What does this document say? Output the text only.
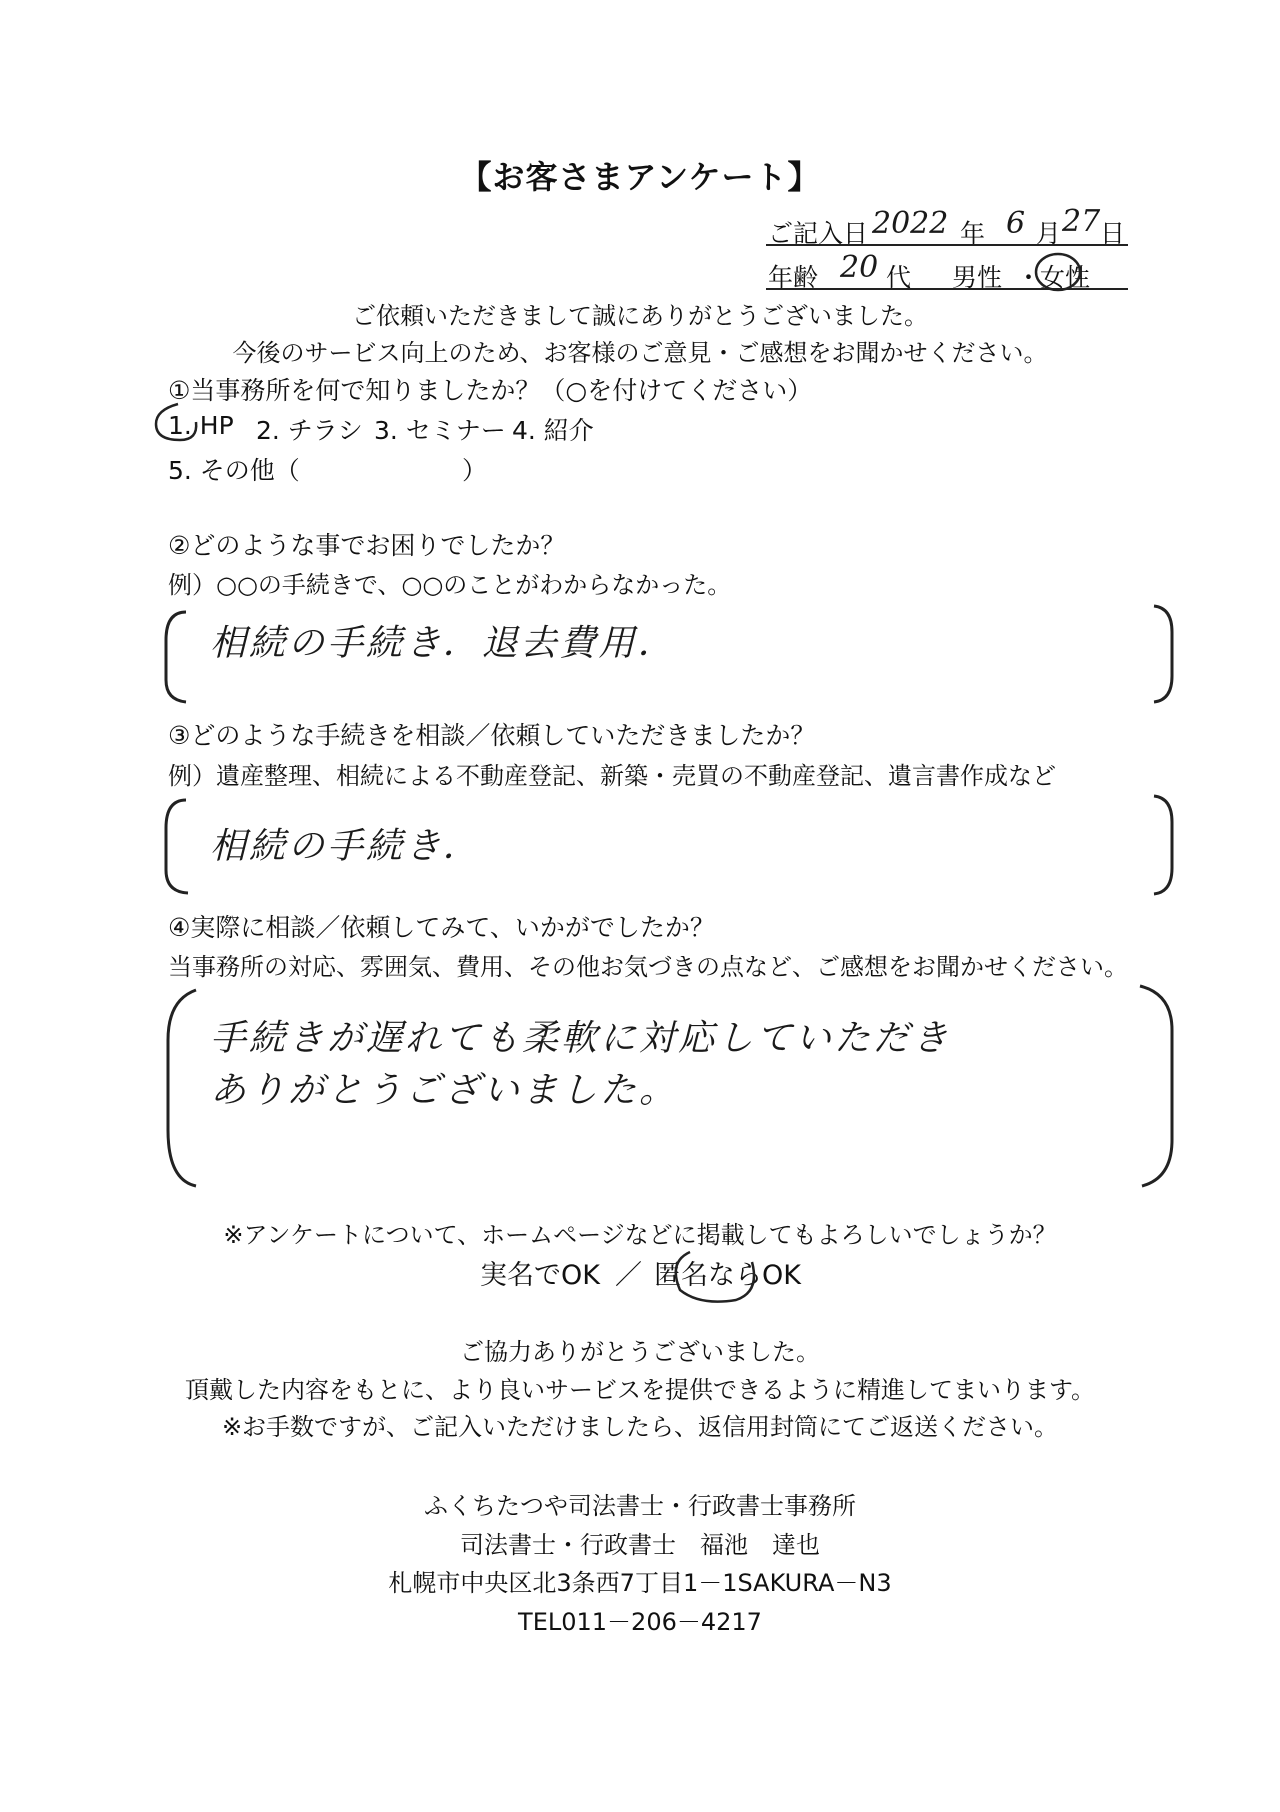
【お客さまアンケート】
ご記入日 2022 年 6 月 27 日
年齢 20 代 男性 ・
女性
ご依頼いただきまして誠にありがとうございました。
今後のサービス向上のため、お客様のご意見・ご感想をお聞かせください。
①当事務所を何で知りましたか？（○を付けてください）
1. HP 2. チラシ 3. セミナー 4. 紹介
5. その他（	）
②どのような事でお困りでしたか？
例）○○の手続きで、○○のことがわからなかった。
相続の手続き．退去費用．
③どのような手続きを相談／依頼していただきましたか？
例）遺産整理、相続による不動産登記、新築・売買の不動産登記、遺言書作成など
相続の手続き．
④実際に相談／依頼してみて、いかがでしたか？
当事務所の対応、雰囲気、費用、その他お気づきの点など、ご感想をお聞かせください。
手続きが遅れても柔軟に対応していただき
ありがとうございました。
※アンケートについて、ホームページなどに掲載してもよろしいでしょうか？
実名でOK ／ 匿名ならOK
ご協力ありがとうございました。
頂戴した内容をもとに、より良いサービスを提供できるように精進してまいります。
※お手数ですが、ご記入いただけましたら、返信用封筒にてご返送ください。
ふくちたつや司法書士・行政書士事務所
司法書士・行政書士　福池　達也
札幌市中央区北3条西7丁目1－1SAKURA－N3
TEL011－206－4217
